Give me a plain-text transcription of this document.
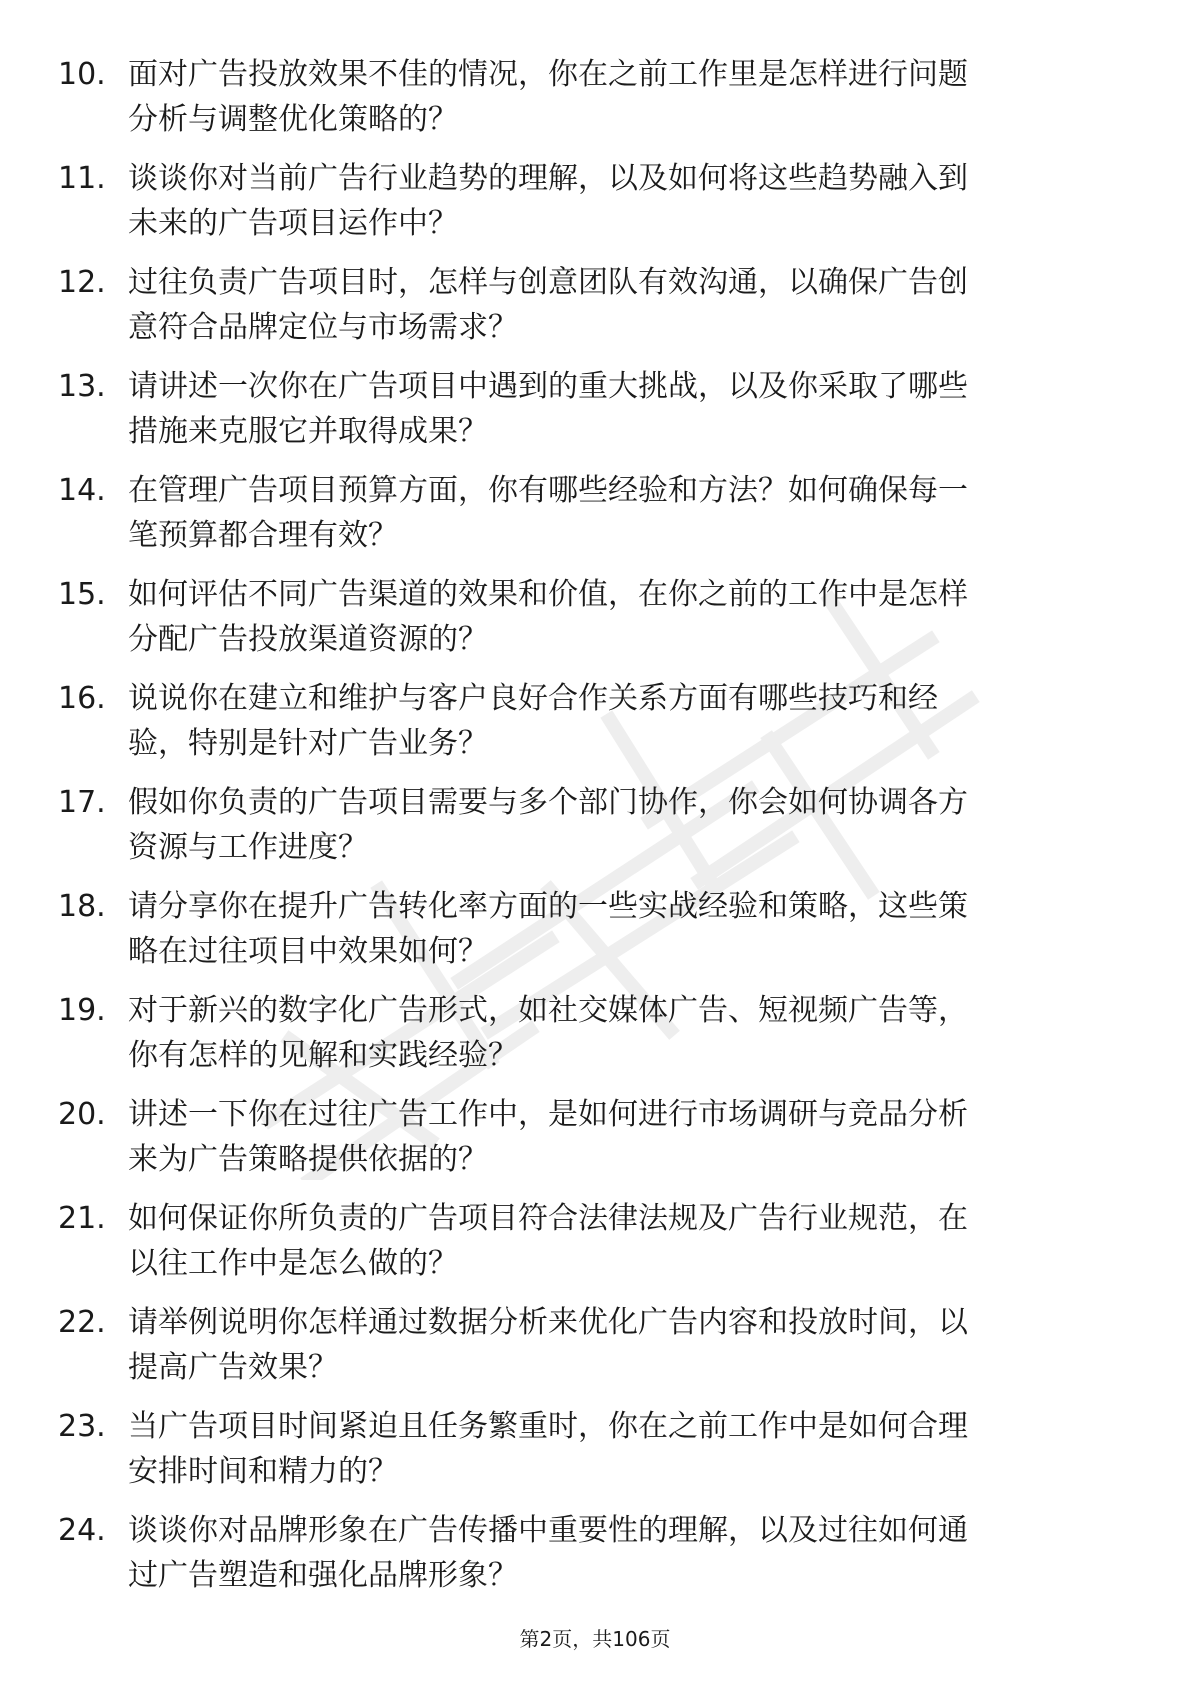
10. 面对广告投放效果不佳的情况，你在之前工作里是怎样进行问题
分析与调整优化策略的？
11. 谈谈你对当前广告行业趋势的理解，以及如何将这些趋势融入到
未来的广告项目运作中？
12. 过往负责广告项目时，怎样与创意团队有效沟通，以确保广告创
意符合品牌定位与市场需求？
13. 请讲述一次你在广告项目中遇到的重大挑战，以及你采取了哪些
措施来克服它并取得成果？
14. 在管理广告项目预算方面，你有哪些经验和方法？如何确保每一
笔预算都合理有效？
15. 如何评估不同广告渠道的效果和价值，在你之前的工作中是怎样
分配广告投放渠道资源的？
16. 说说你在建立和维护与客户良好合作关系方面有哪些技巧和经
验，特别是针对广告业务？
17. 假如你负责的广告项目需要与多个部门协作，你会如何协调各方
资源与工作进度？
18. 请分享你在提升广告转化率方面的一些实战经验和策略，这些策
略在过往项目中效果如何？
19. 对于新兴的数字化广告形式，如社交媒体广告、短视频广告等，
你有怎样的见解和实践经验？
20. 讲述一下你在过往广告工作中，是如何进行市场调研与竞品分析
来为广告策略提供依据的？
21. 如何保证你所负责的广告项目符合法律法规及广告行业规范，在
以往工作中是怎么做的？
22. 请举例说明你怎样通过数据分析来优化广告内容和投放时间，以
提高广告效果？
23. 当广告项目时间紧迫且任务繁重时，你在之前工作中是如何合理
安排时间和精力的？
24. 谈谈你对品牌形象在广告传播中重要性的理解，以及过往如何通
过广告塑造和强化品牌形象？
第2页，共106页
